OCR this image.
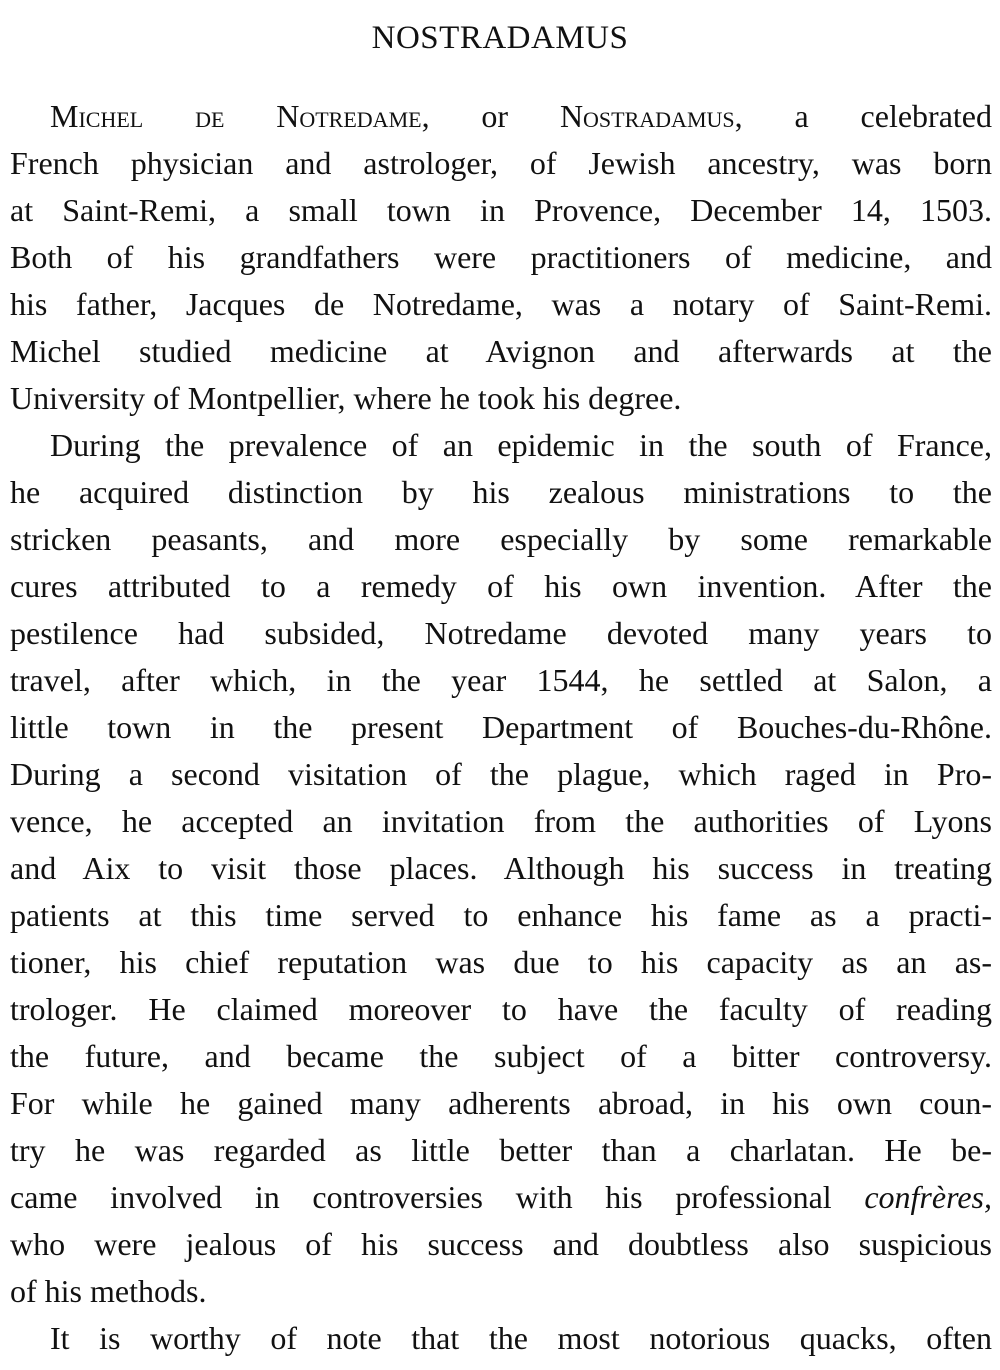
NOSTRADAMUS
Michel de Notredame, or Nostradamus, a celebrated
French physician and astrologer, of Jewish ancestry, was born
at Saint-Remi, a small town in Provence, December 14, 1503.
Both of his grandfathers were practitioners of medicine, and
his father, Jacques de Notredame, was a notary of Saint-Remi.
Michel studied medicine at Avignon and afterwards at the
University of Montpellier, where he took his degree.
During the prevalence of an epidemic in the south of France,
he acquired distinction by his zealous ministrations to the
stricken peasants, and more especially by some remarkable
cures attributed to a remedy of his own invention. After the
pestilence had subsided, Notredame devoted many years to
travel, after which, in the year 1544, he settled at Salon, a
little town in the present Department of Bouches-du-Rhône.
During a second visitation of the plague, which raged in Pro-
vence, he accepted an invitation from the authorities of Lyons
and Aix to visit those places. Although his success in treating
patients at this time served to enhance his fame as a practi-
tioner, his chief reputation was due to his capacity as an as-
trologer. He claimed moreover to have the faculty of reading
the future, and became the subject of a bitter controversy.
For while he gained many adherents abroad, in his own coun-
try he was regarded as little better than a charlatan. He be-
came involved in controversies with his professional confrères,
who were jealous of his success and doubtless also suspicious
of his methods.
It is worthy of note that the most notorious quacks, often
